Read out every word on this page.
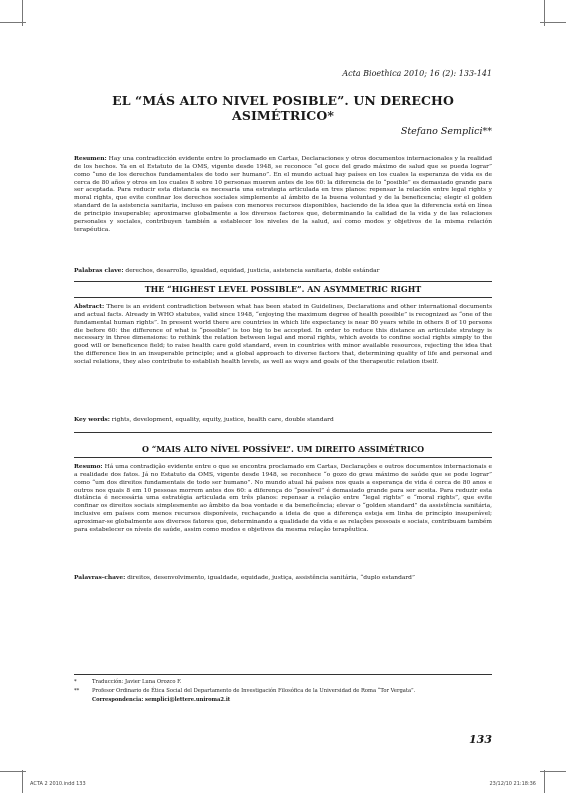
Acta Bioethica 2010; 16 (2): 133-141
EL “MÁS ALTO NIVEL POSIBLE”. UN DERECHO ASIMÉTRICO*
Stefano Semplici**
Resumen: Hay una contradicción evidente entre lo proclamado en Cartas, Declaraciones y otros documentos internacionales y la realidad de los hechos. Ya en el Estatuto de la OMS, vigente desde 1948, se reconoce “el goce del grado máximo de salud que se pueda lograr” como “uno de los derechos fundamentales de todo ser humano”. En el mundo actual hay países en los cuales la esperanza de vida es de cerca de 80 años y otros en los cuales 8 sobre 10 personas mueren antes de los 60: la diferencia de lo “posible” es demasiado grande para ser aceptada. Para reducir esta distancia es necesaria una estrategia articulada en tres planos: repensar la relación entre legal rights y moral rights, que evite confinar los derechos sociales simplemente al ámbito de la buena voluntad y de la beneficencia; elegir el golden standard de la asistencia sanitaria, incluso en países con menores recursos disponibles, haciendo de la idea que la diferencia está en línea de principio insuperable; aproximarse globalmente a los diversos factores que, determinando la calidad de la vida y de las relaciones personales y sociales, contribuyen también a establecer los niveles de la salud, así como modos y objetivos de la misma relación terapéutica.
Palabras clave: derechos, desarrollo, igualdad, equidad, justicia, asistencia sanitaria, doble estándar
THE “HIGHEST LEVEL POSSIBLE”. AN ASYMMETRIC RIGHT
Abstract: There is an evident contradiction between what has been stated in Guidelines, Declarations and other international documents and actual facts. Already in WHO statutes, valid since 1948, “enjoying the maximum degree of health possible” is recognized as “one of the fundamental human rights”. In present world there are countries in which life expectancy is near 80 years while in others 8 of 10 persons die before 60: the difference of what is “possible” is too big to be accepted. In order to reduce this distance an articulate strategy is necessary in three dimensions: to rethink the relation between legal and moral rights, which avoids to confine social rights simply to the good will or beneficence field; to raise health care gold standard, even in countries with minor available resources, rejecting the idea that the difference lies in an insuperable principle; and a global approach to diverse factors that, determining quality of life and personal and social relations, they also contribute to establish health levels, as well as ways and goals of the therapeutic relation itself.
Key words: rights, development, equality, equity, justice, health care, double standard
O “MAIS ALTO NÍVEL POSSÍVEL”. UM DIREITO ASSIMÉTRICO
Resumo: Há uma contradição evidente entre o que se encontra proclamado em Cartas, Declarações e outros documentos internacionais e a realidade dos fatos. Já no Estatuto da OMS, vigente desde 1948, se reconhece “o gozo do grau máximo de saúde que se pode lograr” como “um dos direitos fundamentais de todo ser humano”. No mundo atual há países nos quais a esperança de vida é cerca de 80 anos e outros nos quais 8 em 10 pessoas morrem antes dos 60: a diferença do “possível” é demasiado grande para ser aceita. Para reduzir esta distância é necessária uma estratégia articulada em três planos: repensar a relação entre “legal rights” e “moral rights”, que evite confinar os direitos sociais simplesmente ao âmbito da boa vontade e da beneficência; elevar o “golden standard” da assistência sanitária, inclusive em países com menos recursos disponíveis, rechaçando a ideia de que a diferença esteja em linha de princípio insuperável; aproximar-se globalmente aos diversos fatores que, determinando a qualidade da vida e as relações pessoais e sociais, contribuam também para estabelecer os níveis de saúde, assim como modos e objetivos da mesma relação terapêutica.
Palavras-chave: direitos, desenvolvimento, igualdade, equidade, justiça, assistência sanitária, “duplo estandard”
*	Traducción: Javier Luna Orozco F.
** Profesor Ordinario de Ética Social del Departamento de Investigación Filosófica de la Universidad de Roma “Tor Vergata”.
Correspondencia: semplici@lettere.uniroma2.it
133
ACTA 2 2010.indd 133	23/12/10 21:18:36
